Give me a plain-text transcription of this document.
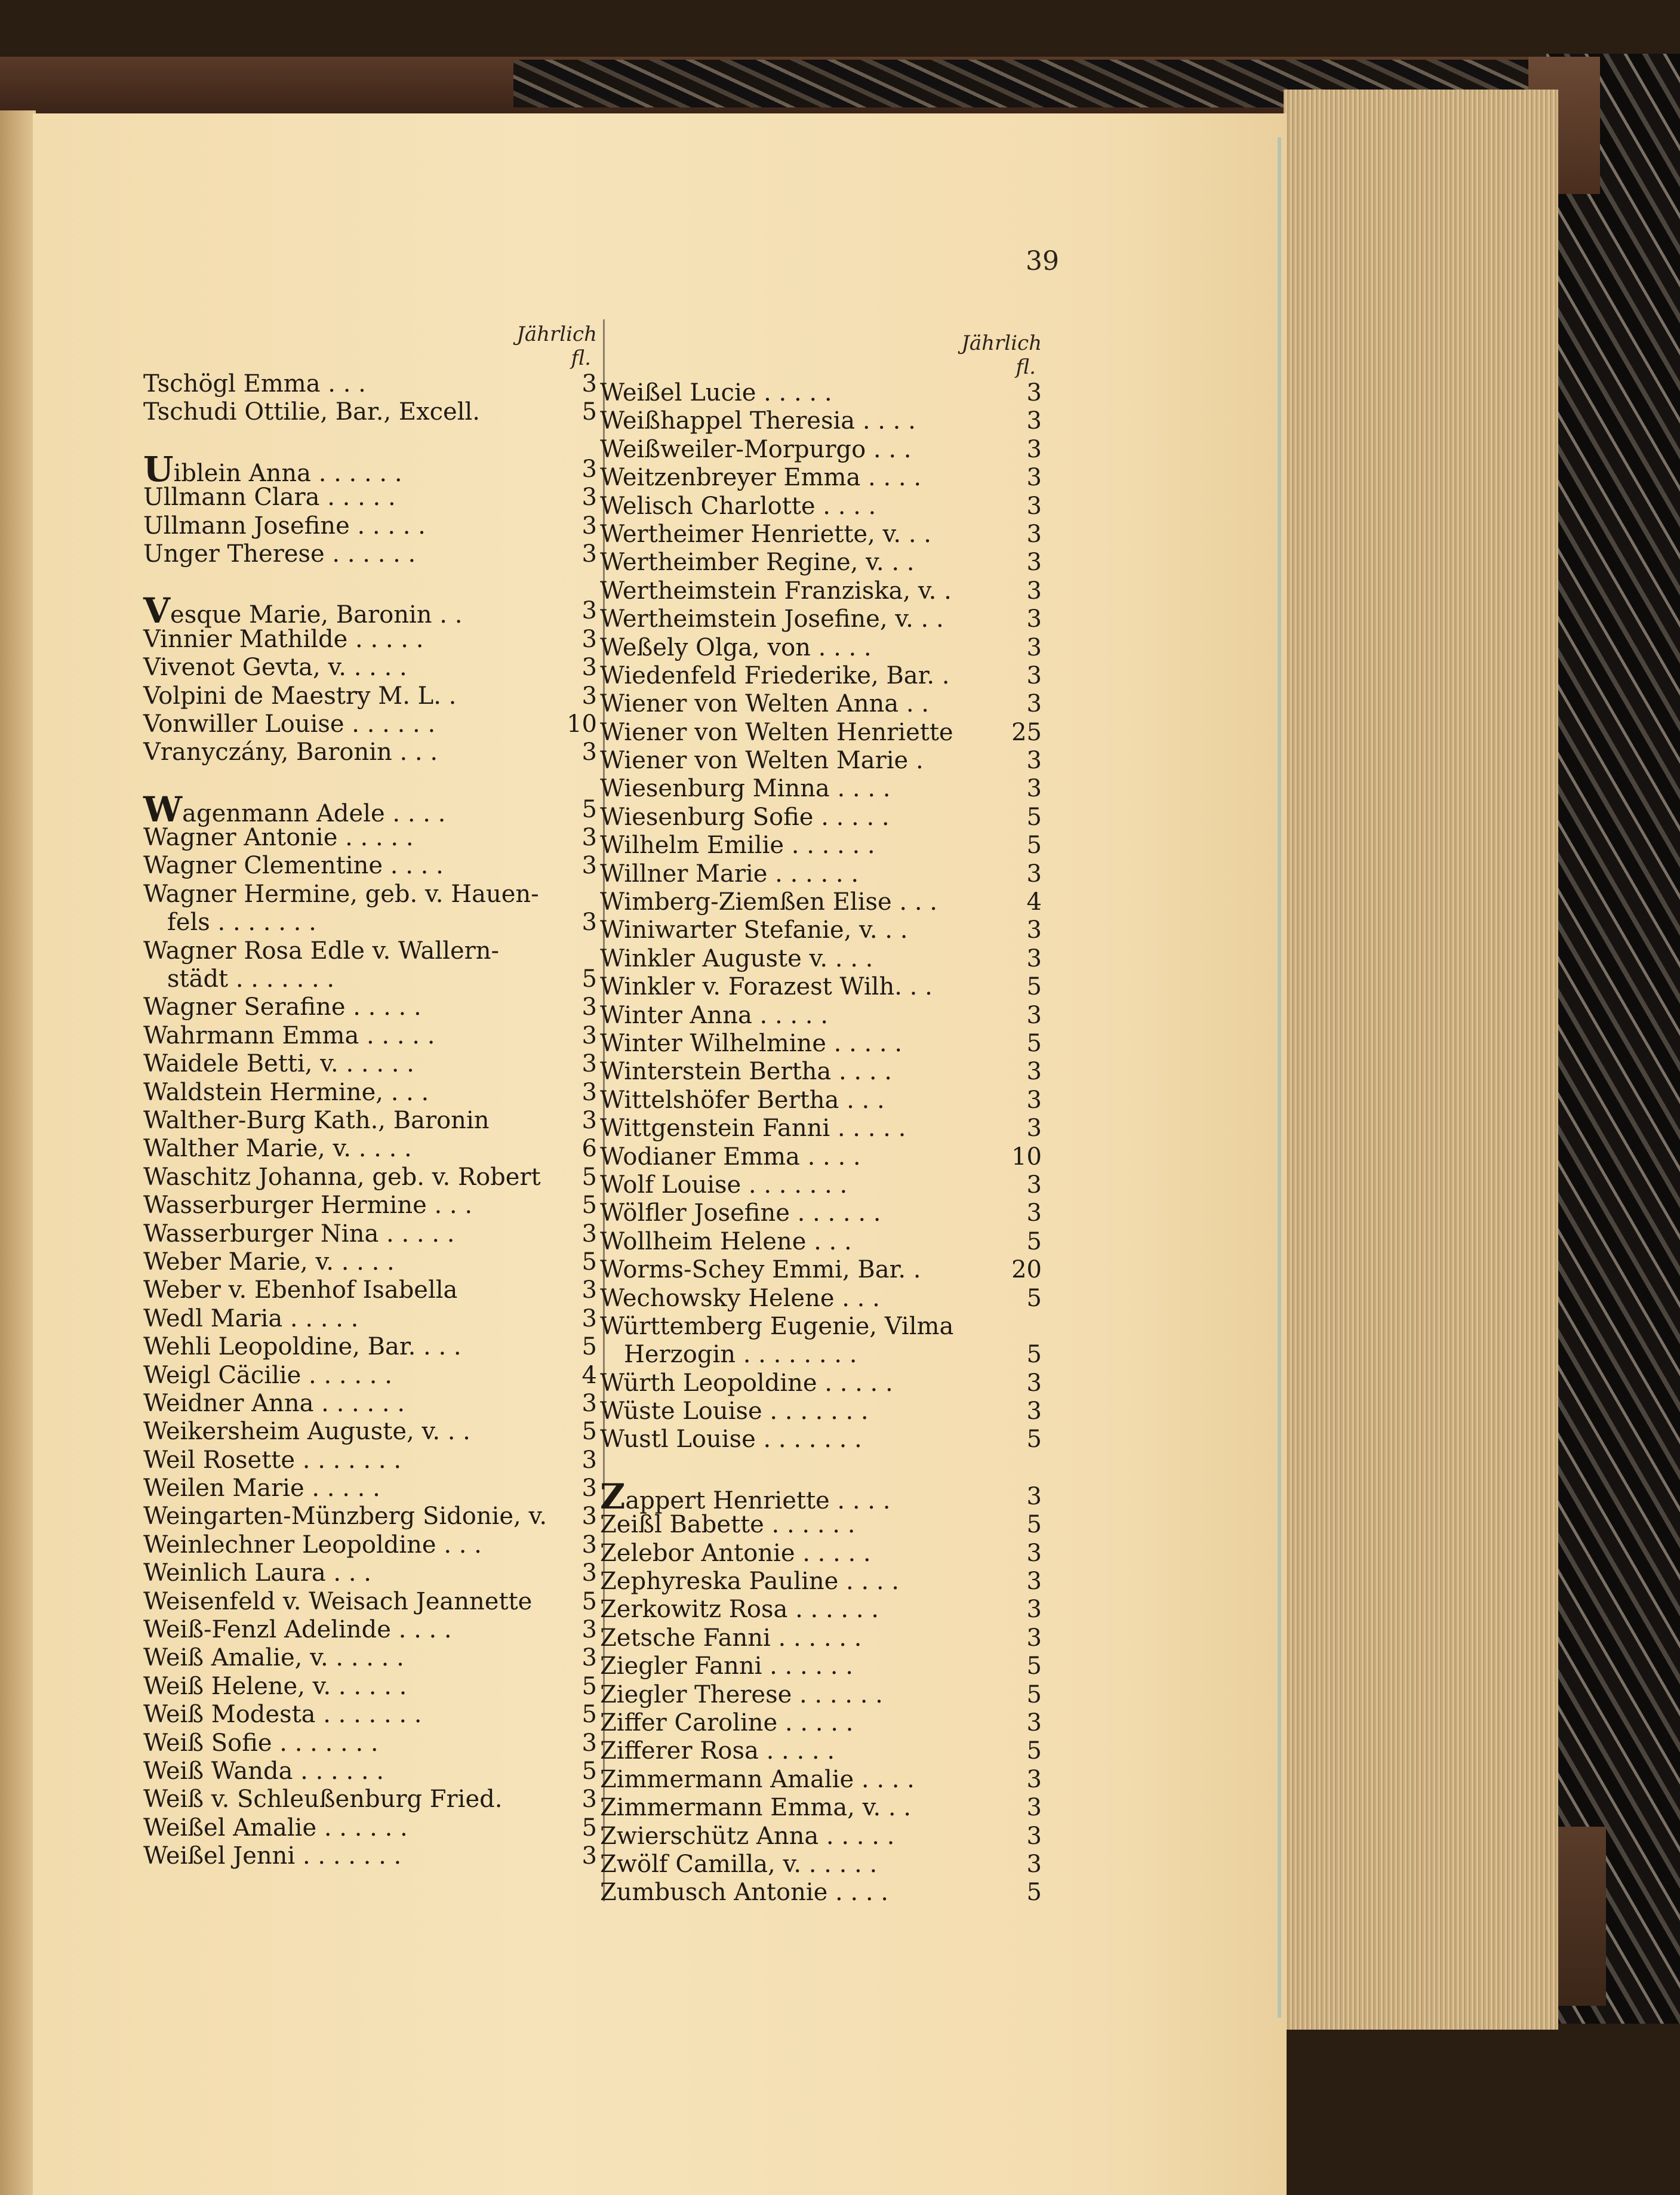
39
Jährlich
fl.
Tschögl Emma . . .	3
Tschudi Ottilie, Bar., Excell.	5
Uiblein Anna . . . . . .	3
Ullmann Clara . . . . .	3
Ullmann Josefine . . . . .	3
Unger Therese . . . . . .	3
Vesque Marie, Baronin . .	3
Vinnier Mathilde . . . . .	3
Vivenot Gevta, v. . . . .	3
Volpini de Maestry M. L. .	3
Vonwiller Louise . . . . . .	10
Vranyczány, Baronin . . .	3
Wagenmann Adele . . . .	5
Wagner Antonie . . . . .	3
Wagner Clementine . . . .	3
Wagner Hermine, geb. v. Hauen-
fels . . . . . . .	3
Wagner Rosa Edle v. Wallern-
städt . . . . . . .	5
Wagner Serafine . . . . .	3
Wahrmann Emma . . . . .	3
Waidele Betti, v. . . . . .	3
Waldstein Hermine, . . .	3
Walther-Burg Kath., Baronin	3
Walther Marie, v. . . . .	6
Waschitz Johanna, geb. v. Robert 5
Wasserburger Hermine . . .	5
Wasserburger Nina . . . . .	3
Weber Marie, v. . . . .	5
Weber v. Ebenhof Isabella	3
Wedl Maria . . . . .	3
Wehli Leopoldine, Bar. . . .	5
Weigl Cäcilie . . . . . .	4
Weidner Anna . . . . . .	3
Weikersheim Auguste, v. . .	5
Weil Rosette . . . . . . .	3
Weilen Marie . . . . .	3
Weingarten-Münzberg Sidonie, v. 3
Weinlechner Leopoldine . . .	3
Weinlich Laura . . .	3
Weisenfeld v. Weisach Jeannette 5
Weiß-Fenzl Adelinde . . . .	3
Weiß Amalie, v. . . . . .	3
Weiß Helene, v. . . . . .	5
Weiß Modesta . . . . . . .	5
Weiß Sofie . . . . . . .	3
Weiß Wanda . . . . . .	5
Weiß v. Schleußenburg Fried.	3
Weißel Amalie . . . . . .	5
Weißel Jenni . . . . . . .	3
Jährlich
fl.
Weißel Lucie . . . . .	3
Weißhappel Theresia . . . .	3
Weißweiler-Morpurgo . . .	3
Weitzenbreyer Emma . . . .	3
Welisch Charlotte . . . .	3
Wertheimer Henriette, v. . .	3
Wertheimber Regine, v. . .	3
Wertheimstein Franziska, v. .	3
Wertheimstein Josefine, v. . .	3
Weßely Olga, von . . . .	3
Wiedenfeld Friederike, Bar. .	3
Wiener von Welten Anna . .	3
Wiener von Welten Henriette 25
Wiener von Welten Marie .	3
Wiesenburg Minna . . . .	3
Wiesenburg Sofie . . . . .	5
Wilhelm Emilie . . . . . .	5
Willner Marie . . . . . .	3
Wimberg-Ziemßen Elise . . .	4
Winiwarter Stefanie, v. . .	3
Winkler Auguste v. . . .	3
Winkler v. Forazest Wilh. . .	5
Winter Anna . . . . .	3
Winter Wilhelmine . . . . .	5
Winterstein Bertha . . . .	3
Wittelshöfer Bertha . . .	3
Wittgenstein Fanni . . . . .	3
Wodianer Emma . . . .	10
Wolf Louise . . . . . . .	3
Wölfler Josefine . . . . . .	3
Wollheim Helene . . .	5
Worms-Schey Emmi, Bar. .	20
Wechowsky Helene . . .	5
Württemberg Eugenie, Vilma
Herzogin . . . . . . . .	5
Würth Leopoldine . . . . .	3
Wüste Louise . . . . . . .	3
Wustl Louise . . . . . . .	5
Zappert Henriette . . . .	3
Zeißl Babette . . . . . .	5
Zelebor Antonie . . . . .	3
Zephyreska Pauline . . . .	3
Zerkowitz Rosa . . . . . .	3
Zetsche Fanni . . . . . .	3
Ziegler Fanni . . . . . .	5
Ziegler Therese . . . . . .	5
Ziffer Caroline . . . . .	3
Zifferer Rosa . . . . .	5
Zimmermann Amalie . . . .	3
Zimmermann Emma, v. . .	3
Zwierschütz Anna . . . . .	3
Zwölf Camilla, v. . . . . .	3
Zumbusch Antonie . . . .	5
